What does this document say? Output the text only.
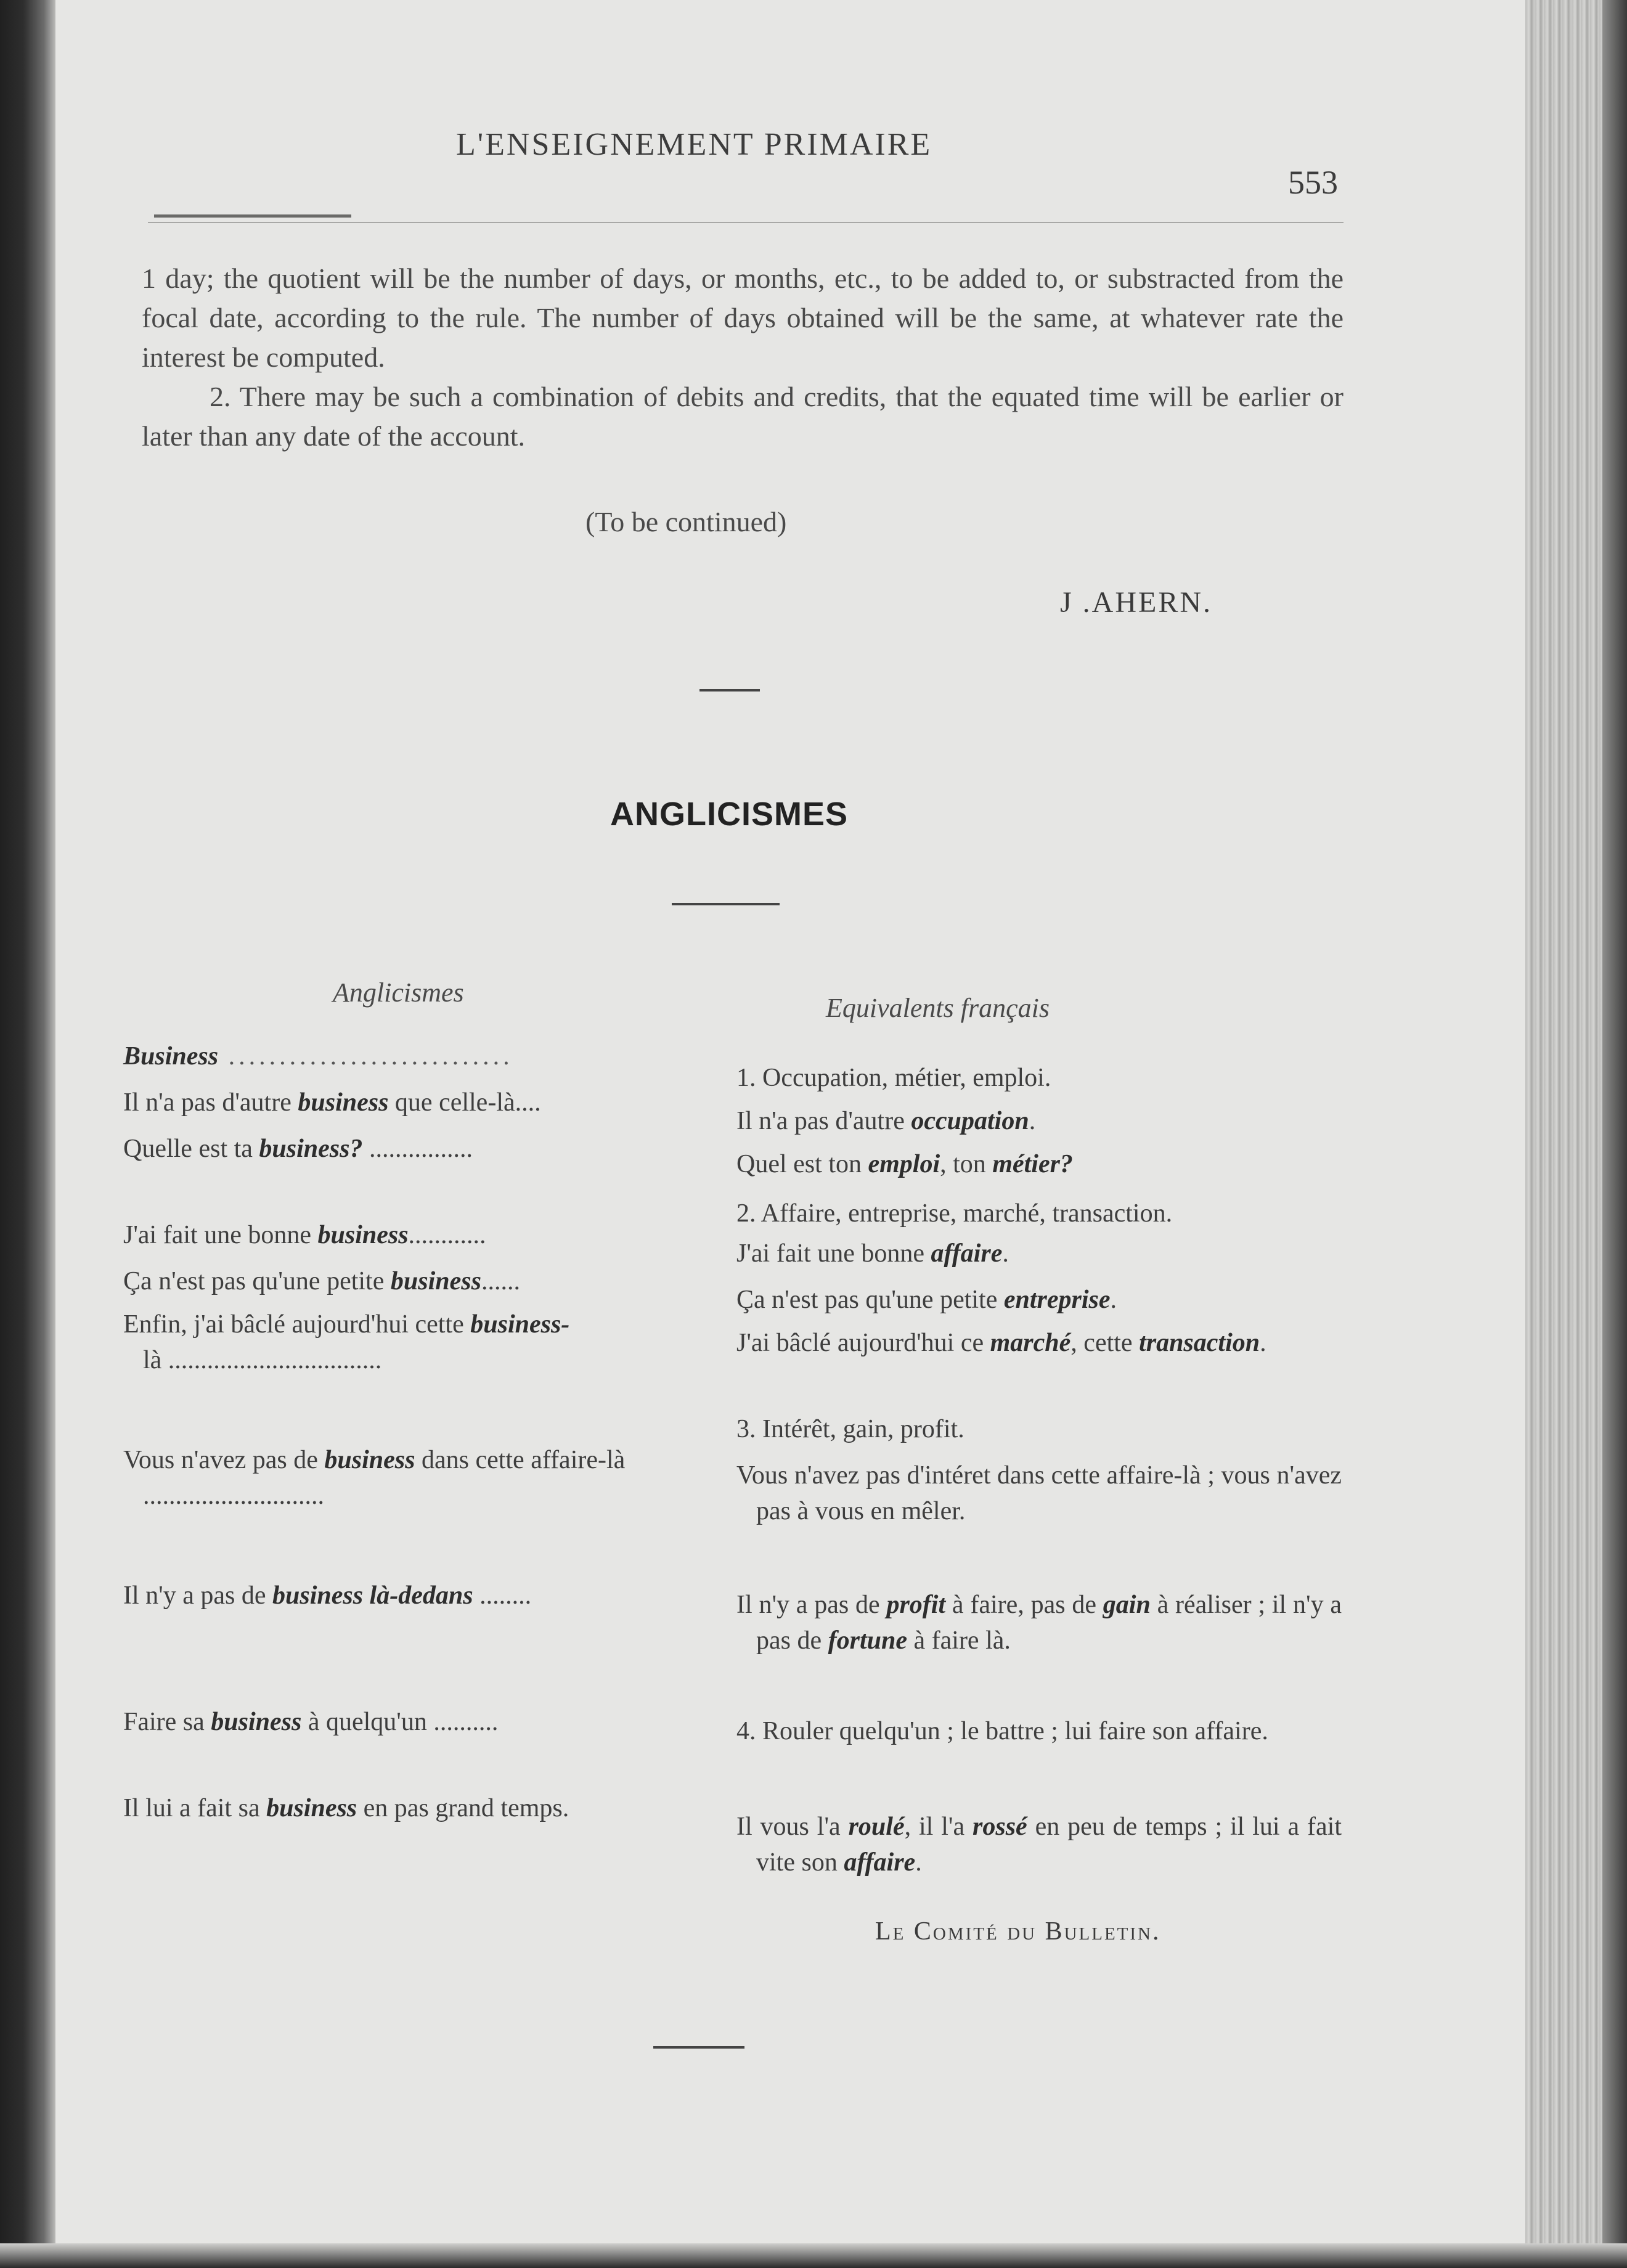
L'ENSEIGNEMENT PRIMAIRE
553

1 day; the quotient will be the number of days, or months, etc., to be added to, or substracted from the focal date, according to the rule. The number of days obtained will be the same, at whatever rate the interest be computed.

2. There may be such a combination of debits and credits, that the equated time will be earlier or later than any date of the account.

(To be continued)
J .AHERN.
ANGLICISMES
Anglicismes
Equivalents français
Business ............................
1. Occupation, métier, emploi.
Il n'a pas d'autre business que celle-là....
Il n'a pas d'autre occupation.
Quelle est ta business? ................
Quel est ton emploi, ton métier?
2. Affaire, entreprise, marché, transaction.
J'ai fait une bonne business............
J'ai fait une bonne affaire.
Ça n'est pas qu'une petite business......
Ça n'est pas qu'une petite entreprise.
Enfin, j'ai bâclé aujourd'hui cette business-
là .................................
J'ai bâclé aujourd'hui ce marché, cette transaction.
3. Intérêt, gain, profit.
Vous n'avez pas de business dans cette affaire-là ............................
Vous n'avez pas d'intéret dans cette affaire-là ; vous n'avez pas à vous en mêler.
Il n'y a pas de business là-dedans ........	Il n'y a pas de profit à faire, pas de gain à réaliser ; il n'y a pas de fortune à faire là.
Faire sa business à quelqu'un ..........	4. Rouler quelqu'un ; le battre ; lui faire son affaire.
Il lui a fait sa business en pas grand temps.
Il vous l'a roulé, il l'a rossé en peu de temps ; il lui a fait vite son affaire.
Le Comité du Bulletin.
